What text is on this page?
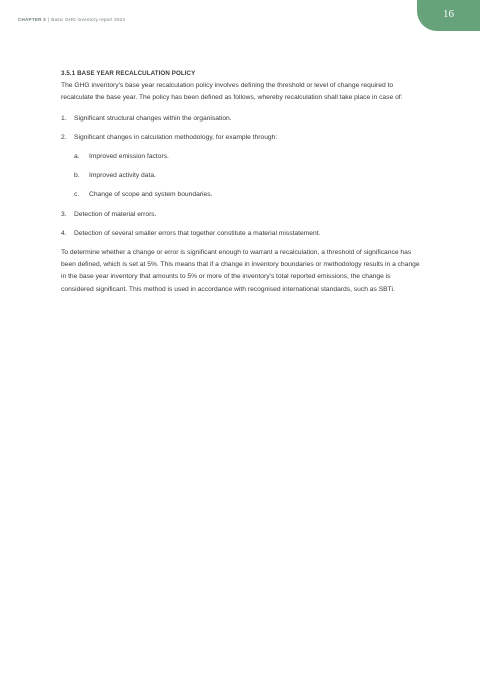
CHAPTER 3 | Basic GHG inventory report 2024	16

3.5.1 BASE YEAR RECALCULATION POLICY

The GHG inventory's base year recalculation policy involves defining the threshold or level of change required to recalculate the base year. The policy has been defined as follows, whereby recalculation shall take place in case of:

1.	Significant structural changes within the organisation.
2.	Significant changes in calculation methodology, for example through:
a.	Improved emission factors.
b.	Improved activity data.
c.	Change of scope and system boundaries.
3.	Detection of material errors.
4.	Detection of several smaller errors that together constitute a material misstatement.

To determine whether a change or error is significant enough to warrant a recalculation, a threshold of significance has been defined, which is set at 5%. This means that if a change in inventory boundaries or methodology results in a change in the base year inventory that amounts to 5% or more of the inventory's total reported emissions, the change is considered significant. This method is used in accordance with recognised international standards, such as SBTi.
